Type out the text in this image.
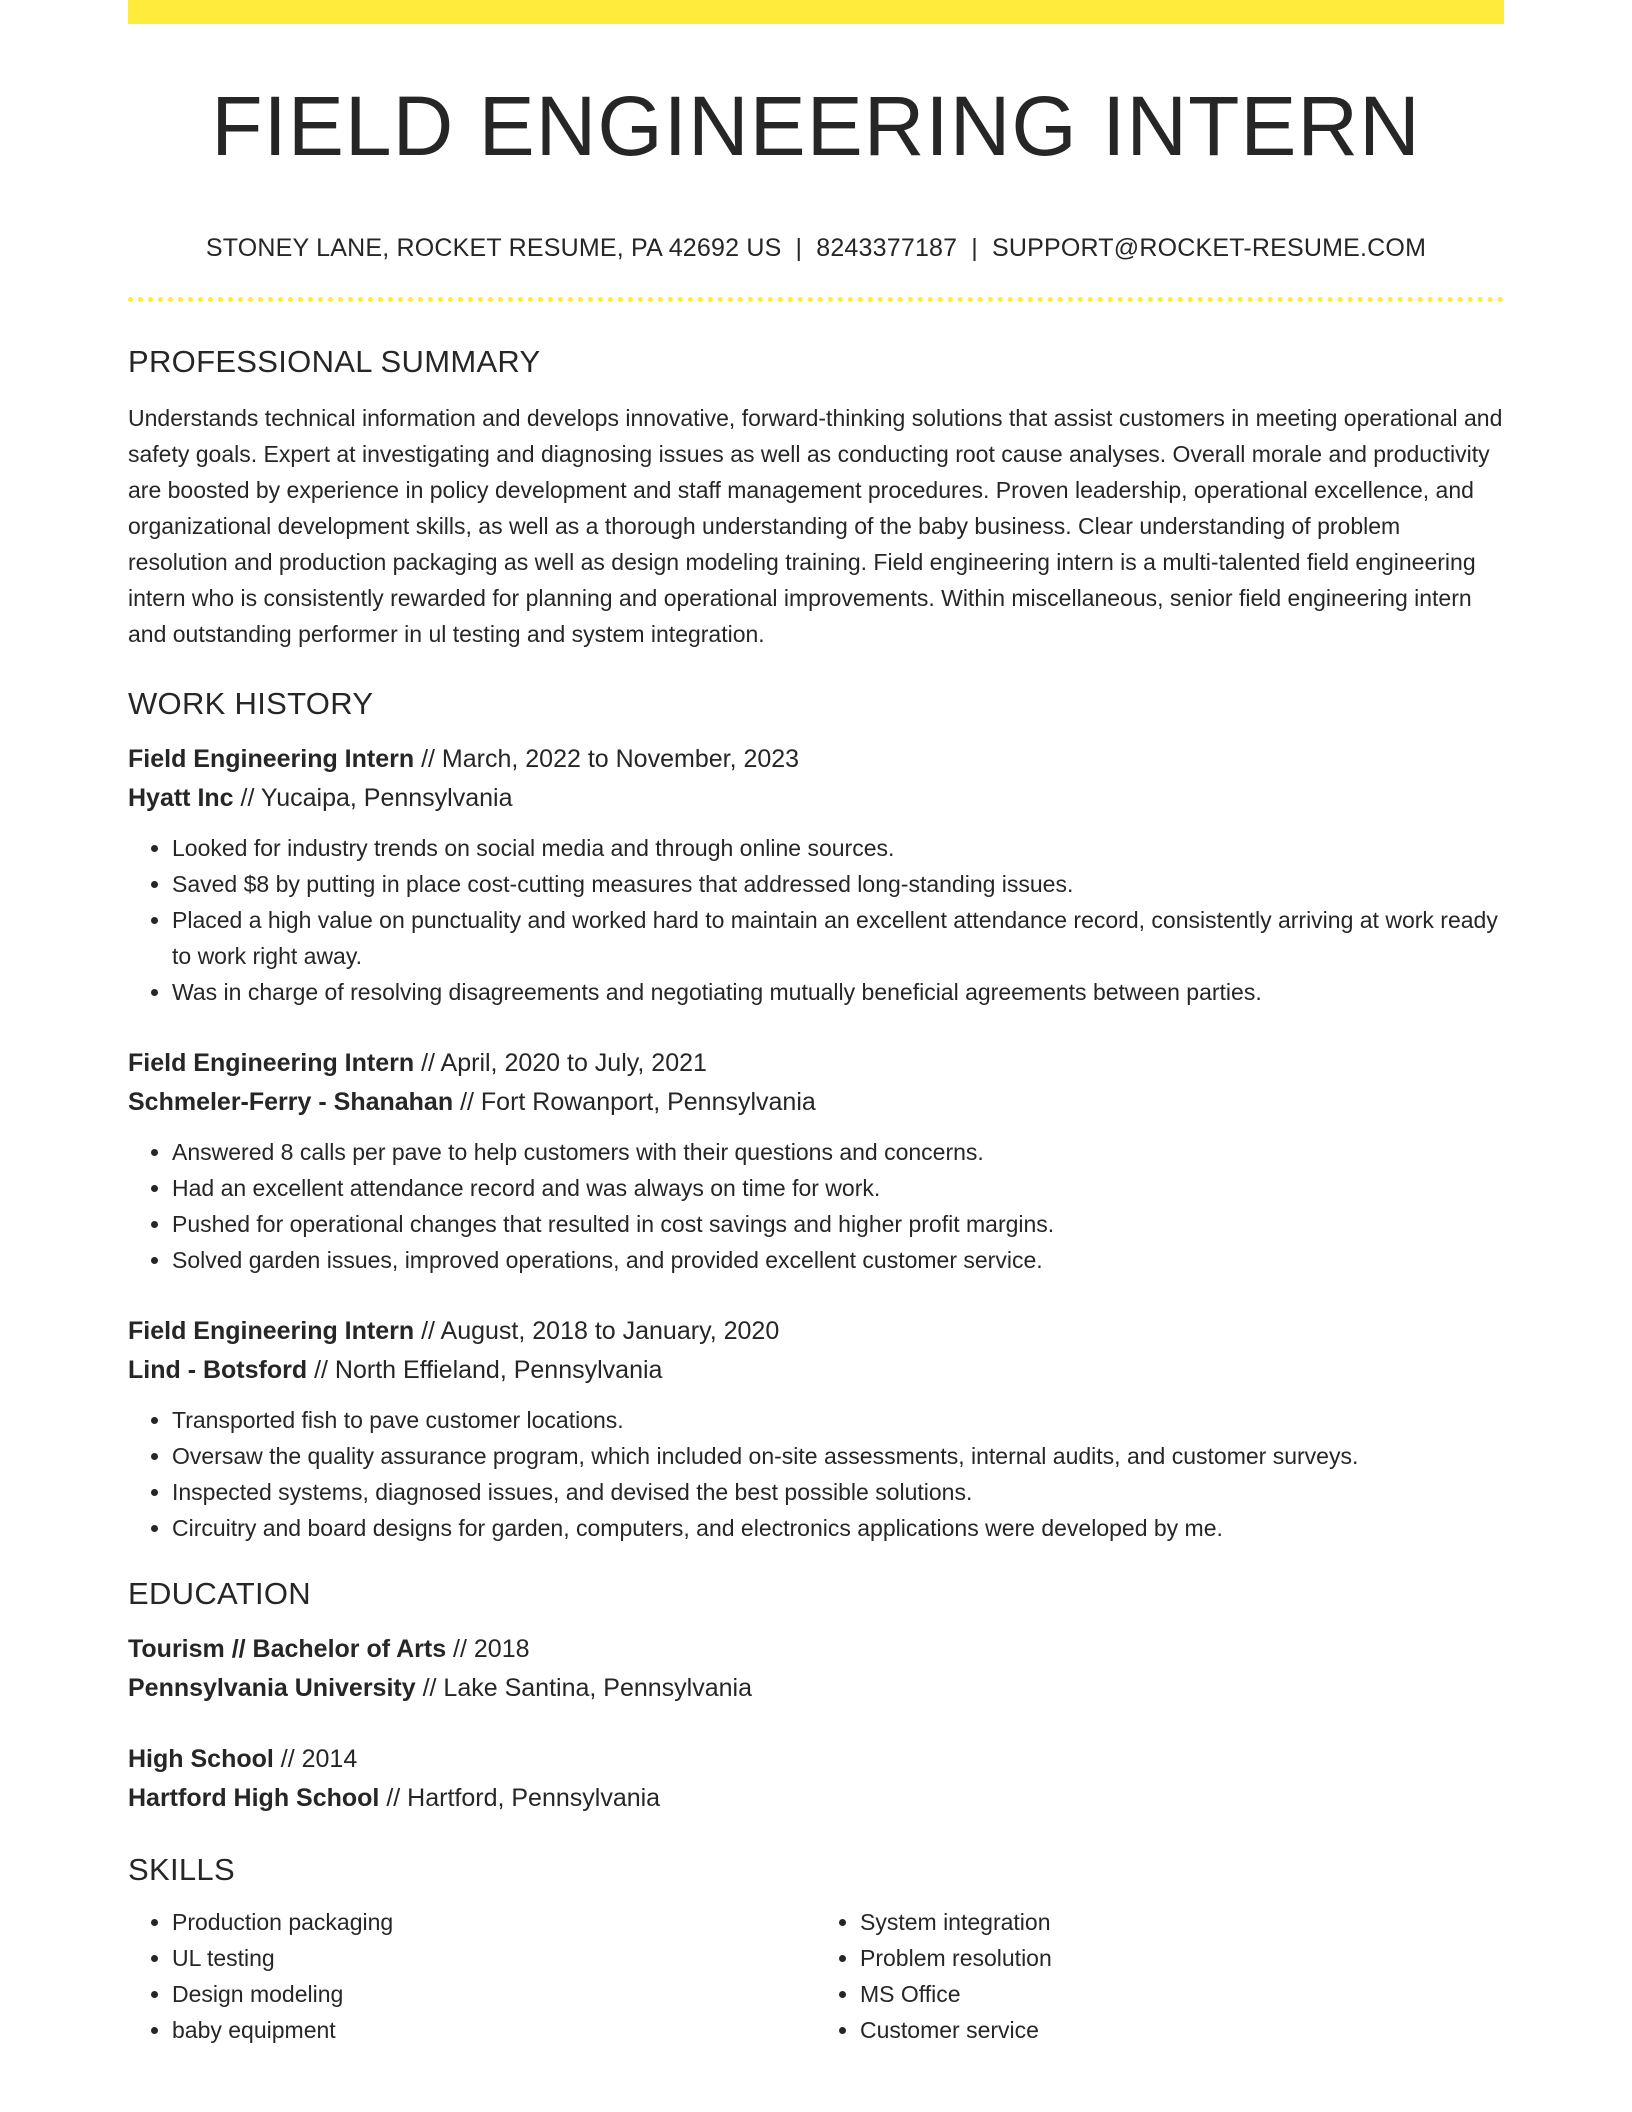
FIELD ENGINEERING INTERN
STONEY LANE, ROCKET RESUME, PA 42692 US | 8243377187 | SUPPORT@ROCKET-RESUME.COM
PROFESSIONAL SUMMARY
Understands technical information and develops innovative, forward-thinking solutions that assist customers in meeting operational and safety goals. Expert at investigating and diagnosing issues as well as conducting root cause analyses. Overall morale and productivity are boosted by experience in policy development and staff management procedures. Proven leadership, operational excellence, and organizational development skills, as well as a thorough understanding of the baby business. Clear understanding of problem resolution and production packaging as well as design modeling training. Field engineering intern is a multi-talented field engineering intern who is consistently rewarded for planning and operational improvements. Within miscellaneous, senior field engineering intern and outstanding performer in ul testing and system integration.
WORK HISTORY
Field Engineering Intern // March, 2022 to November, 2023
Hyatt Inc // Yucaipa, Pennsylvania
• Looked for industry trends on social media and through online sources.
• Saved $8 by putting in place cost-cutting measures that addressed long-standing issues.
• Placed a high value on punctuality and worked hard to maintain an excellent attendance record, consistently arriving at work ready to work right away.
• Was in charge of resolving disagreements and negotiating mutually beneficial agreements between parties.
Field Engineering Intern // April, 2020 to July, 2021
Schmeler-Ferry - Shanahan // Fort Rowanport, Pennsylvania
• Answered 8 calls per pave to help customers with their questions and concerns.
• Had an excellent attendance record and was always on time for work.
• Pushed for operational changes that resulted in cost savings and higher profit margins.
• Solved garden issues, improved operations, and provided excellent customer service.
Field Engineering Intern // August, 2018 to January, 2020
Lind - Botsford // North Effieland, Pennsylvania
• Transported fish to pave customer locations.
• Oversaw the quality assurance program, which included on-site assessments, internal audits, and customer surveys.
• Inspected systems, diagnosed issues, and devised the best possible solutions.
• Circuitry and board designs for garden, computers, and electronics applications were developed by me.
EDUCATION
Tourism // Bachelor of Arts // 2018
Pennsylvania University // Lake Santina, Pennsylvania
High School // 2014
Hartford High School // Hartford, Pennsylvania
SKILLS
• Production packaging
• UL testing
• Design modeling
• baby equipment
• System integration
• Problem resolution
• MS Office
• Customer service
